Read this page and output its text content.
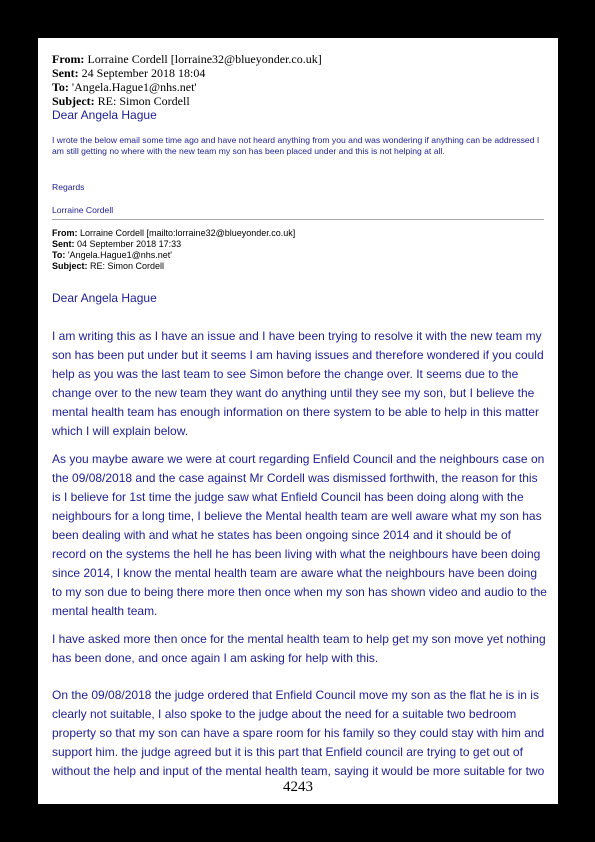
From: Lorraine Cordell [lorraine32@blueyonder.co.uk]
Sent: 24 September 2018 18:04
To: 'Angela.Hague1@nhs.net'
Subject: RE: Simon Cordell
Dear Angela Hague
I wrote the below email some time ago and have not heard anything from you and was wondering if anything can be addressed I am still getting no where with the new team my son has been placed under and this is not helping at all.
Regards
Lorraine Cordell
From: Lorraine Cordell [mailto:lorraine32@blueyonder.co.uk]
Sent: 04 September 2018 17:33
To: 'Angela.Hague1@nhs.net'
Subject: RE: Simon Cordell
Dear Angela Hague
I am writing this as I have an issue and I have been trying to resolve it with the new team my son has been put under but it seems I am having issues and therefore wondered if you could help as you was the last team to see Simon before the change over. It seems due to the change over to the new team they want do anything until they see my son, but I believe the mental health team has enough information on there system to be able to help in this matter which I will explain below.
As you maybe aware we were at court regarding Enfield Council and the neighbours case on the 09/08/2018 and the case against Mr Cordell was dismissed forthwith, the reason for this is I believe for 1st time the judge saw what Enfield Council has been doing along with the neighbours for a long time, I believe the Mental health team are well aware what my son has been dealing with and what he states has been ongoing since 2014 and it should be of record on the systems the hell he has been living with what the neighbours have been doing since 2014, I know the mental health team are aware what the neighbours have been doing to my son due to being there more then once when my son has shown video and audio to the mental health team.
I have asked more then once for the mental health team to help get my son move yet nothing has been done, and once again I am asking for help with this.
On the 09/08/2018 the judge ordered that Enfield Council move my son as the flat he is in is clearly not suitable, I also spoke to the judge about the need for a suitable two bedroom property so that my son can have a spare room for his family so they could stay with him and support him. the judge agreed but it is this part that Enfield council are trying to get out of without the help and input of the mental health team, saying it would be more suitable for two
4243
